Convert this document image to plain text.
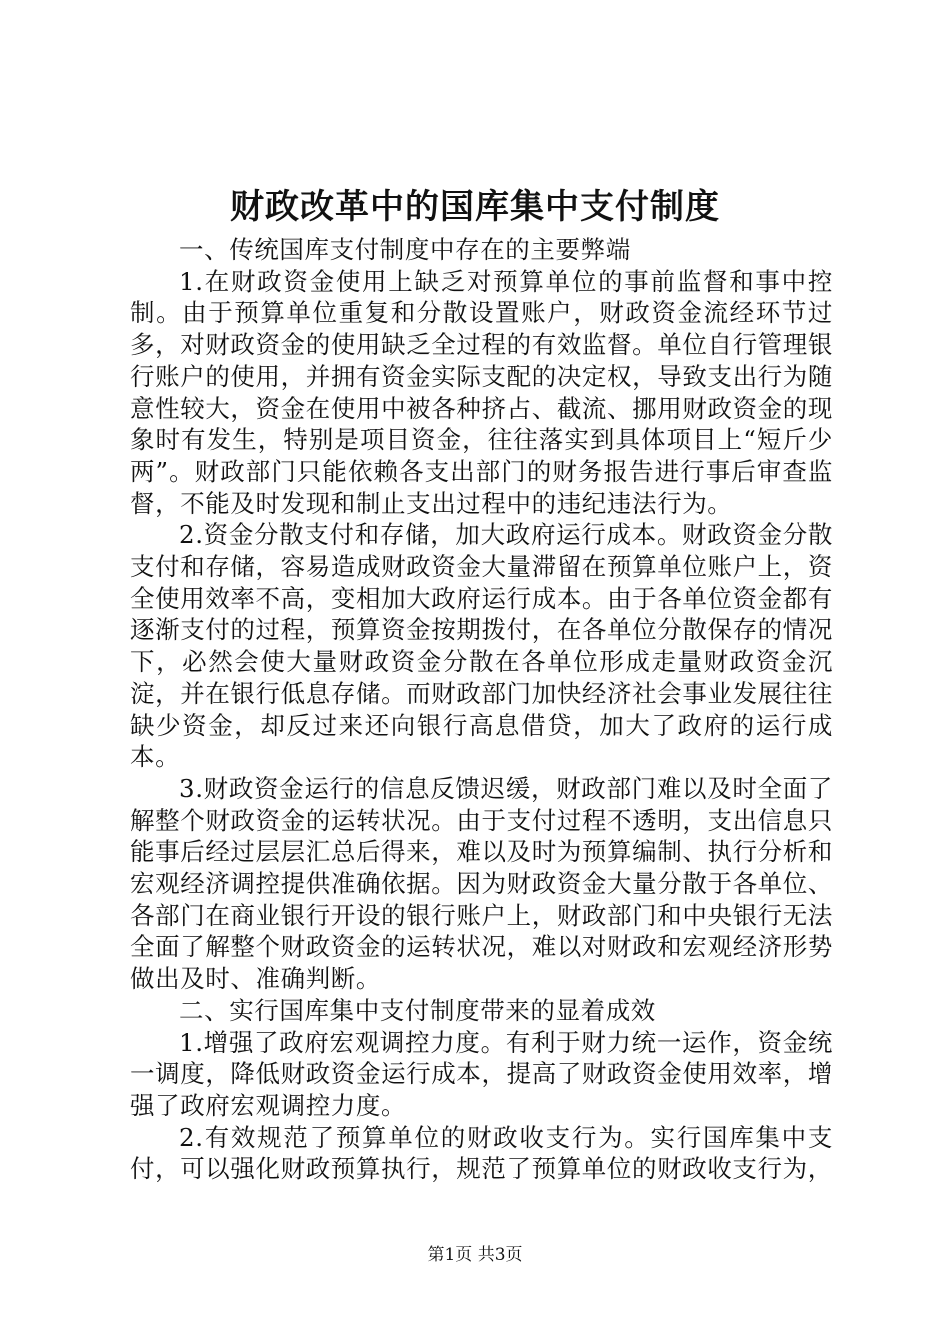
财政改革中的国库集中支付制度

一、传统国库支付制度中存在的主要弊端

1.在财政资金使用上缺乏对预算单位的事前监督和事中控制。由于预算单位重复和分散设置账户，财政资金流经环节过多，对财政资金的使用缺乏全过程的有效监督。单位自行管理银行账户的使用，并拥有资金实际支配的决定权，导致支出行为随意性较大，资金在使用中被各种挤占、截流、挪用财政资金的现象时有发生，特别是项目资金，往往落实到具体项目上“短斤少两”。财政部门只能依赖各支出部门的财务报告进行事后审查监督，不能及时发现和制止支出过程中的违纪违法行为。

2.资金分散支付和存储，加大政府运行成本。财政资金分散支付和存储，容易造成财政资金大量滞留在预算单位账户上，资全使用效率不高，变相加大政府运行成本。由于各单位资金都有逐渐支付的过程，预算资金按期拨付，在各单位分散保存的情况下，必然会使大量财政资金分散在各单位形成走量财政资金沉淀，并在银行低息存储。而财政部门加快经济社会事业发展往往缺少资金，却反过来还向银行高息借贷，加大了政府的运行成本。

3.财政资金运行的信息反馈迟缓，财政部门难以及时全面了解整个财政资金的运转状况。由于支付过程不透明，支出信息只能事后经过层层汇总后得来，难以及时为预算编制、执行分析和宏观经济调控提供准确依据。因为财政资金大量分散于各单位、各部门在商业银行开设的银行账户上，财政部门和中央银行无法全面了解整个财政资金的运转状况，难以对财政和宏观经济形势做出及时、准确判断。

二、实行国库集中支付制度带来的显着成效

1.增强了政府宏观调控力度。有利于财力统一运作，资金统一调度，降低财政资金运行成本，提高了财政资金使用效率，增强了政府宏观调控力度。

2.有效规范了预算单位的财政收支行为。实行国库集中支付，可以强化财政预算执行，规范了预算单位的财政收支行为，

第1页 共3页
